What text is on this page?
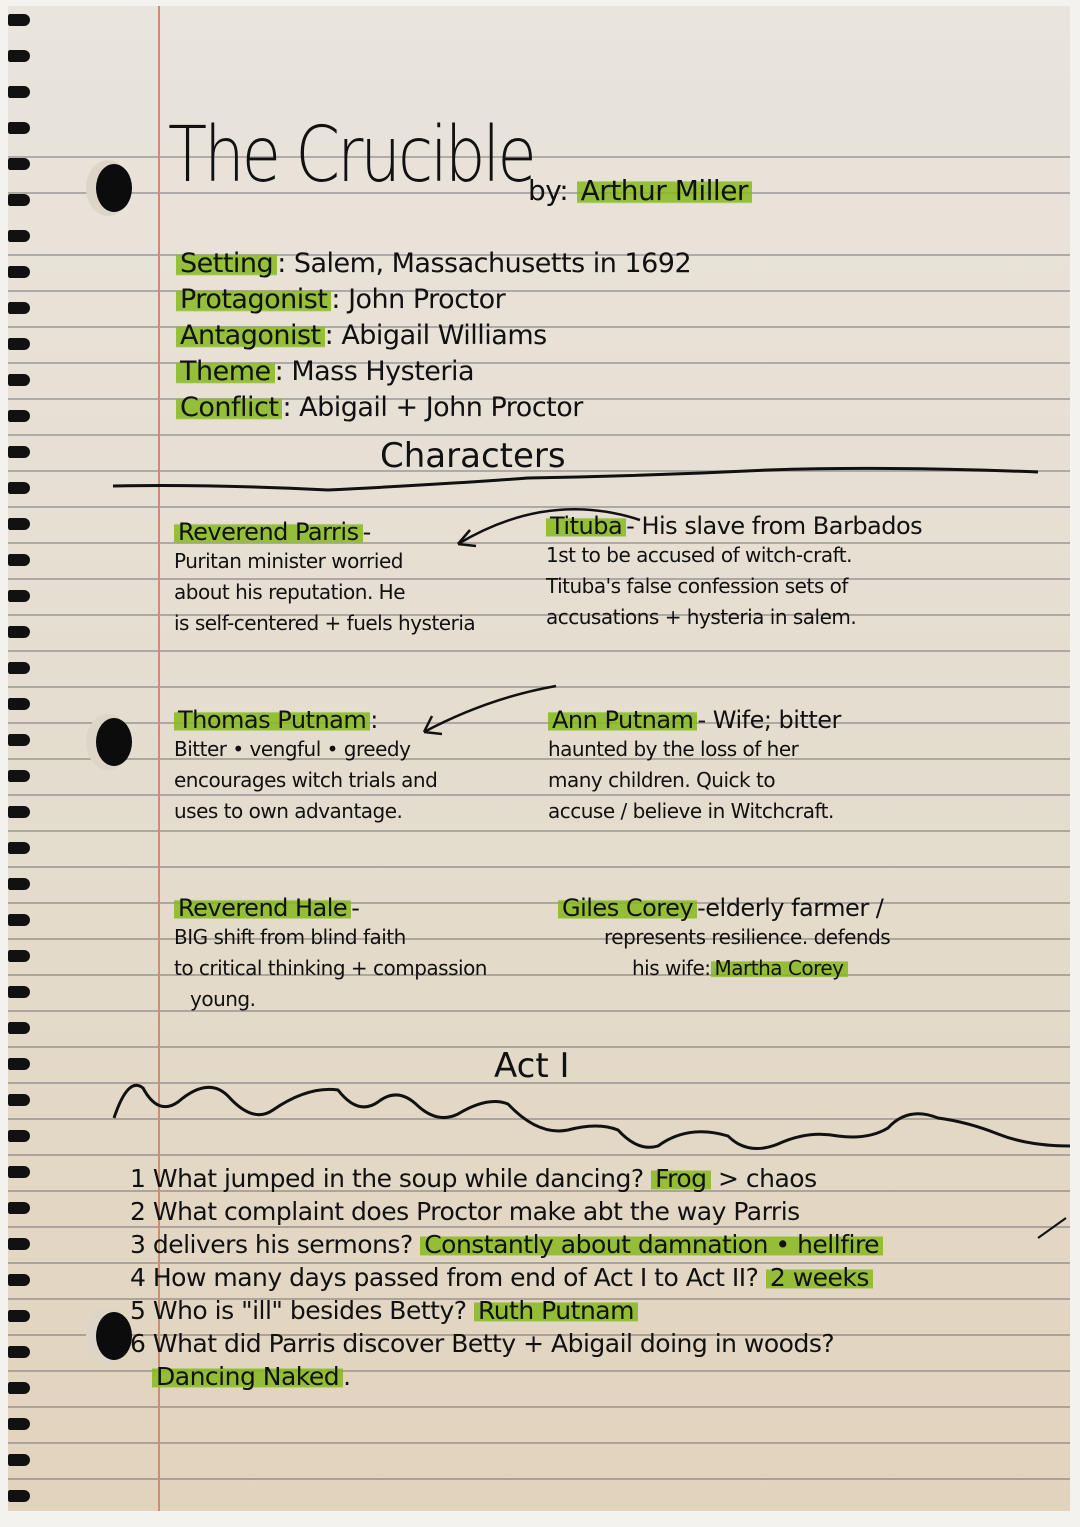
The Crucible
by: Arthur Miller
Setting : Salem, Massachusetts in 1692
Protagonist : John Proctor
Antagonist : Abigail Williams
Theme : Mass Hysteria
Conflict : Abigail + John Proctor
Characters
Reverend Parris -
Puritan minister worried
about his reputation. He
is self-centered + fuels hysteria
Tituba - His slave from Barbados
1st to be accused of witch-craft.
Tituba's false confession sets of
accusations + hysteria in salem.
Thomas Putnam :
Bitter • vengful • greedy
encourages witch trials and
uses to own advantage.
Ann Putnam - Wife; bitter
haunted by the loss of her
many children. Quick to
accuse / believe in Witchcraft.
Reverend Hale -
BIG shift from blind faith
to critical thinking + compassion
young.
Giles Corey -elderly farmer /
represents resilience. defends
his wife: Martha Corey
Act I
1 What jumped in the soup while dancing? Frog > chaos
2 What complaint does Proctor make abt the way Parris
3 delivers his sermons? Constantly about damnation • hellfire
4 How many days passed from end of Act I to Act II? 2 weeks
5 Who is "ill" besides Betty? Ruth Putnam
6 What did Parris discover Betty + Abigail doing in woods?
Dancing Naked .
